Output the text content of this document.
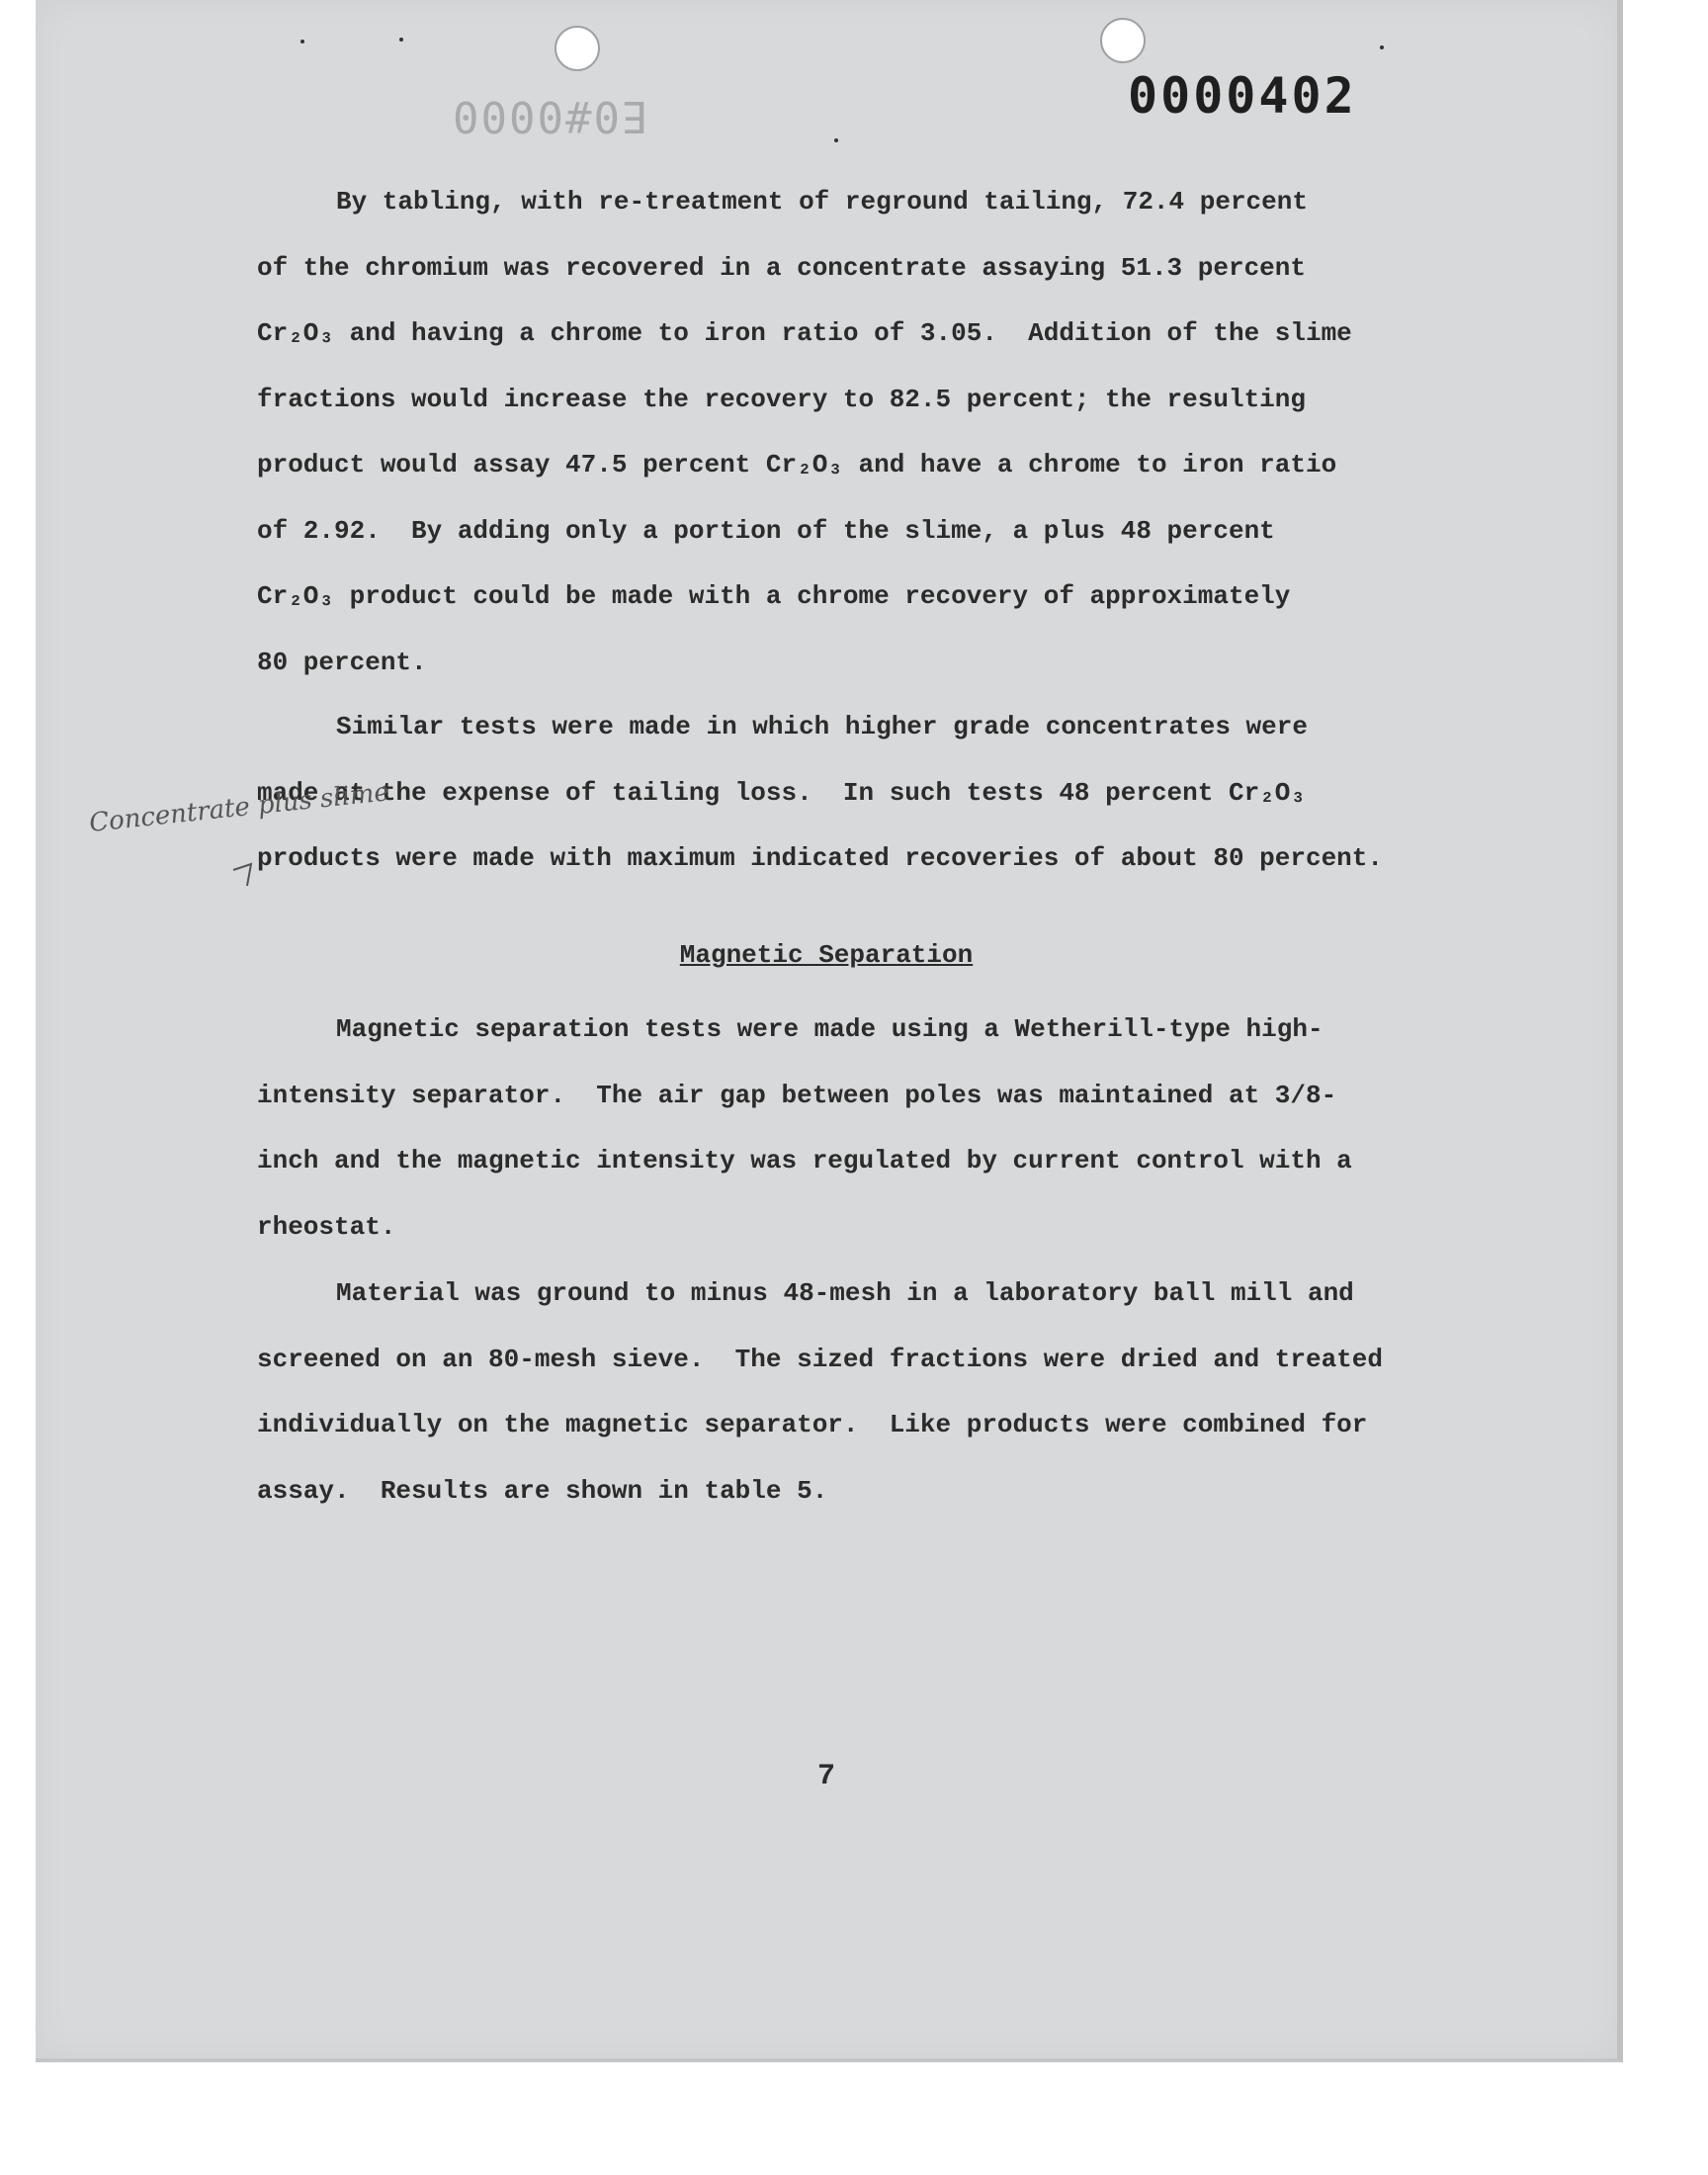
E0#0000	0000402
By tabling, with re-treatment of reground tailing, 72.4 percent
of the chromium was recovered in a concentrate assaying 51.3 percent
Cr₂O₃ and having a chrome to iron ratio of 3.05.  Addition of the slime
fractions would increase the recovery to 82.5 percent; the resulting
product would assay 47.5 percent Cr₂O₃ and have a chrome to iron ratio
of 2.92.  By adding only a portion of the slime, a plus 48 percent
Cr₂O₃ product could be made with a chrome recovery of approximately
80 percent.
Similar tests were made in which higher grade concentrates were
made at the expense of tailing loss.  In such tests 48 percent Cr₂O₃
products were made with maximum indicated recoveries of about 80 percent.
Concentrate plus slime
Magnetic Separation
Magnetic separation tests were made using a Wetherill-type high-
intensity separator.  The air gap between poles was maintained at 3/8-
inch and the magnetic intensity was regulated by current control with a
rheostat.
Material was ground to minus 48-mesh in a laboratory ball mill and
screened on an 80-mesh sieve.  The sized fractions were dried and treated
individually on the magnetic separator.  Like products were combined for
assay.  Results are shown in table 5.
7
